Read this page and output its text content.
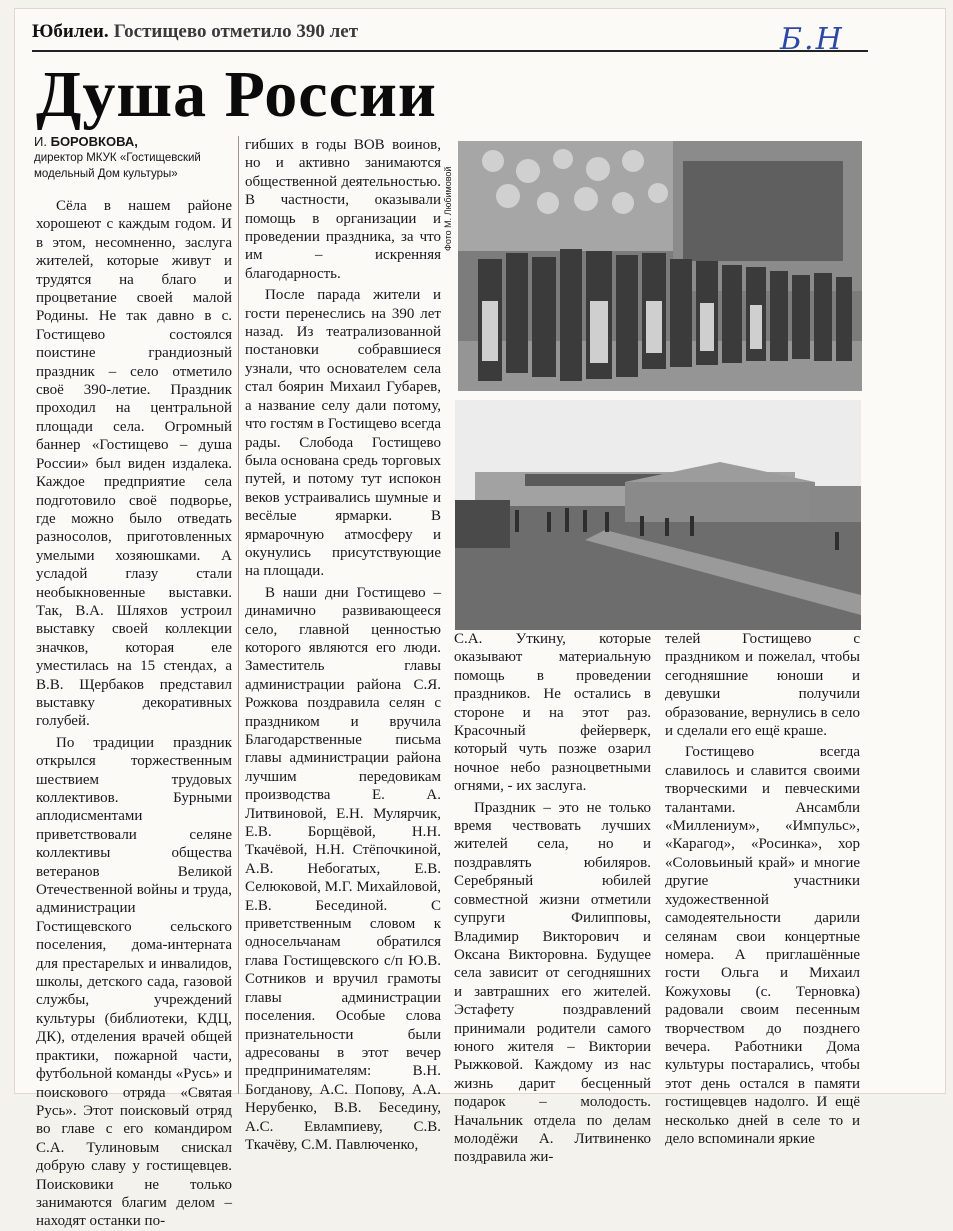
Юбилеи. Гостищево отметило 390 лет	Б.Н
Душа России
И. БОРОВКОВА,
директор МКУК «Гостищевский модельный Дом культуры»

Сёла в нашем районе хорошеют с каждым годом. И в этом, несомненно, заслуга жителей, которые живут и трудятся на благо и процветание своей малой Родины. Не так давно в с. Гостищево состоялся поистине грандиозный праздник – село отметило своё 390-летие. Праздник проходил на центральной площади села. Огромный баннер «Гостищево – душа России» был виден издалека. Каждое предприятие села подготовило своё подворье, где можно было отведать разносолов, приготовленных умелыми хозяюшками. А усладой глазу стали необыкновенные выставки. Так, В.А. Шляхов устроил выставку своей коллекции значков, которая еле уместилась на 15 стендах, а В.В. Щербаков представил выставку декоративных голубей.

По традиции праздник открылся торжественным шествием трудовых коллективов. Бурными аплодисментами приветствовали селяне коллективы общества ветеранов Великой Отечественной войны и труда, администрации Гостищевского сельского поселения, дома-интерната для престарелых и инвалидов, школы, детского сада, газовой службы, учреждений культуры (библиотеки, КДЦ, ДК), отделения врачей общей практики, пожарной части, футбольной команды «Русь» и поискового отряда «Святая Русь». Этот поисковый отряд во главе с его командиром С.А. Тулиновым снискал добрую славу у гостищевцев. Поисковики не только занимаются благим делом – находят останки по-

гибших в годы ВОВ воинов, но и активно занимаются общественной деятельностью. В частности, оказывали помощь в организации и проведении праздника, за что им – искренняя благодарность.

После парада жители и гости перенеслись на 390 лет назад. Из театрализованной постановки собравшиеся узнали, что основателем села стал боярин Михаил Губарев, а название селу дали потому, что гостям в Гостищево всегда рады. Слобода Гостищево была основана средь торговых путей, и потому тут испокон веков устраивались шумные и весёлые ярмарки. В ярмарочную атмосферу и окунулись присутствующие на площади.

В наши дни Гостищево – динамично развивающееся село, главной ценностью которого являются его люди. Заместитель главы администрации района С.Я. Рожкова поздравила селян с праздником и вручила Благодарственные письма главы администрации района лучшим передовикам производства Е. А. Литвиновой, Е.Н. Мулярчик, Е.В. Борщёвой, Н.Н. Ткачёвой, Н.Н. Стёпочкиной, А.В. Небогатых, Е.В. Селюковой, М.Г. Михайловой, Е.В. Бесединой. С приветственным словом к односельчанам обратился глава Гостищевского с/п Ю.В. Сотников и вручил грамоты главы администрации поселения. Особые слова признательности были адресованы в этот вечер предпринимателям: В.Н. Богданову, А.С. Попову, А.А. Нерубенко, В.В. Беседину, А.С. Евлампиеву, С.В. Ткачёву, С.М. Павлюченко,

Фото М. Любимовой

С.А. Уткину, которые оказывают материальную помощь в проведении праздников. Не остались в стороне и на этот раз. Красочный фейерверк, который чуть позже озарил ночное небо разноцветными огнями, - их заслуга.

Праздник – это не только время чествовать лучших жителей села, но и поздравлять юбиляров. Серебряный юбилей совместной жизни отметили супруги Филипповы, Владимир Викторович и Оксана Викторовна. Будущее села зависит от сегодняшних и завтрашних его жителей. Эстафету поздравлений принимали родители самого юного жителя – Виктории Рыжковой. Каждому из нас жизнь дарит бесценный подарок – молодость. Начальник отдела по делам молодёжи А. Литвиненко поздравила жи-

телей Гостищево с праздником и пожелал, чтобы сегодняшние юноши и девушки получили образование, вернулись в село и сделали его ещё краше.

Гостищево всегда славилось и славится своими творческими и певческими талантами. Ансамбли «Миллениум», «Импульс», «Карагод», «Росинка», хор «Соловьиный край» и многие другие участники художественной самодеятельности дарили селянам свои концертные номера. А приглашённые гости Ольга и Михаил Кожуховы (с. Терновка) радовали своим песенным творчеством до позднего вечера. Работники Дома культуры постарались, чтобы этот день остался в памяти гостищевцев надолго. И ещё несколько дней в селе то и дело вспоминали яркие
